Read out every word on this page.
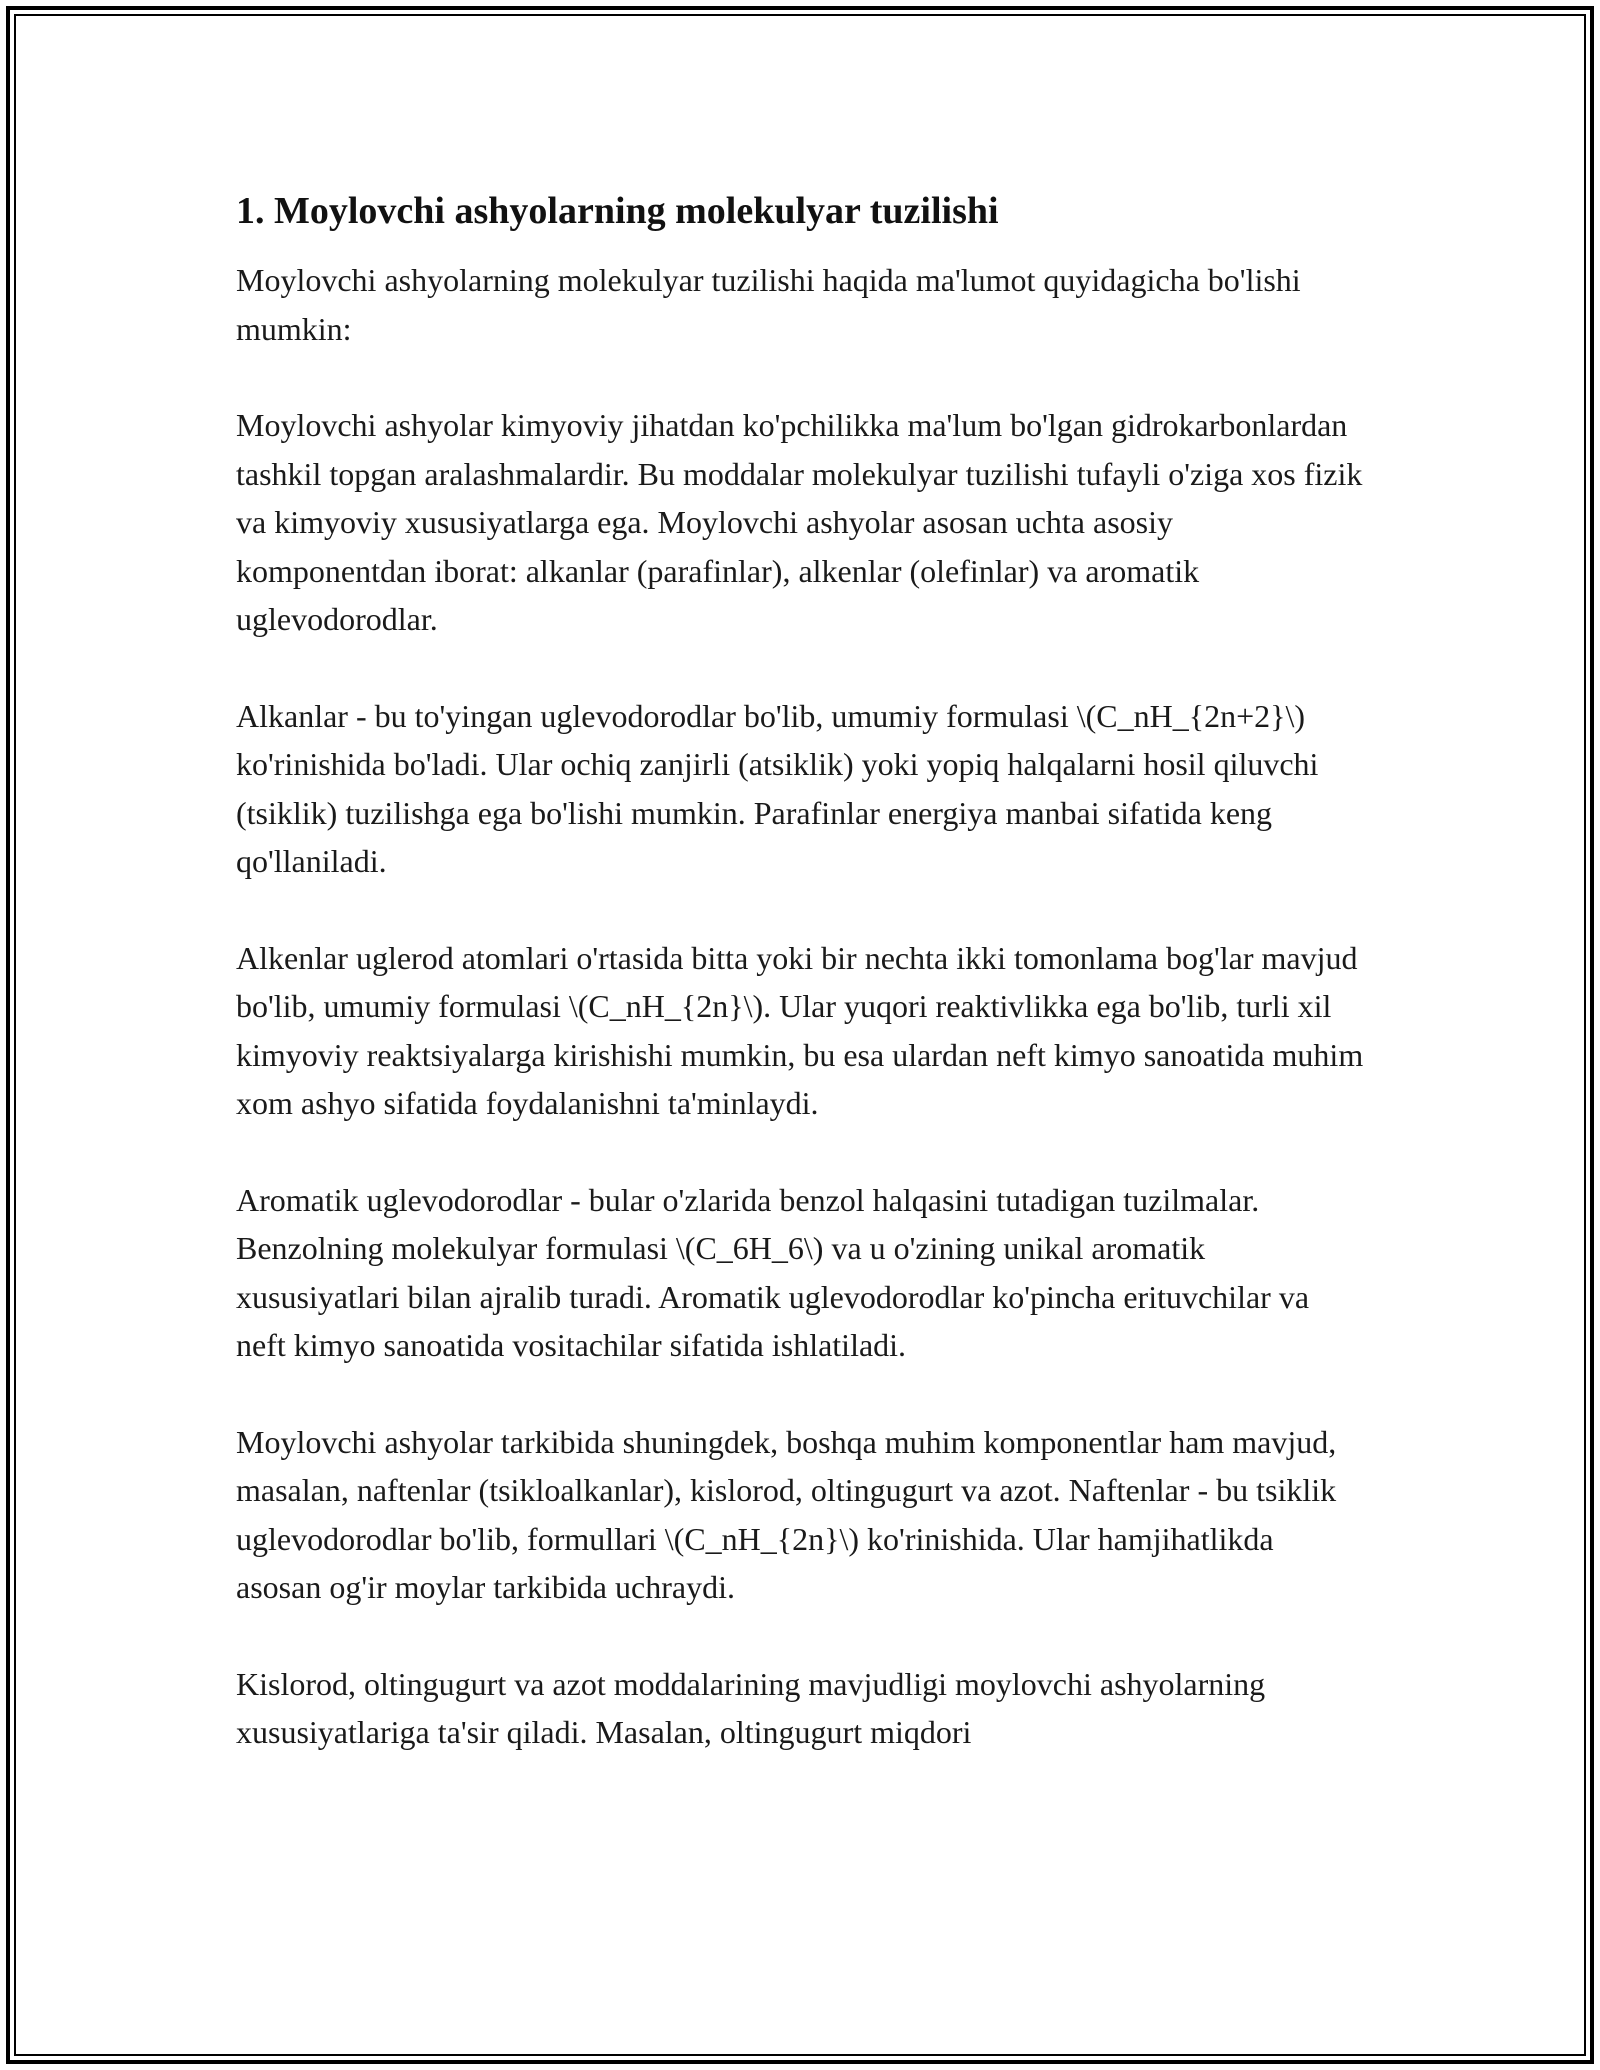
1. Moylovchi ashyolarning molekulyar tuzilishi

Moylovchi ashyolarning molekulyar tuzilishi haqida ma'lumot quyidagicha bo'lishi mumkin:

Moylovchi ashyolar kimyoviy jihatdan ko'pchilikka ma'lum bo'lgan gidrokarbonlardan tashkil topgan aralashmalardir. Bu moddalar molekulyar tuzilishi tufayli o'ziga xos fizik va kimyoviy xususiyatlarga ega. Moylovchi ashyolar asosan uchta asosiy komponentdan iborat: alkanlar (parafinlar), alkenlar (olefinlar) va aromatik uglevodorodlar.

Alkanlar - bu to'yingan uglevodorodlar bo'lib, umumiy formulasi \(C_nH_{2n+2}\) ko'rinishida bo'ladi. Ular ochiq zanjirli (atsiklik) yoki yopiq halqalarni hosil qiluvchi (tsiklik) tuzilishga ega bo'lishi mumkin. Parafinlar energiya manbai sifatida keng qo'llaniladi.

Alkenlar uglerod atomlari o'rtasida bitta yoki bir nechta ikki tomonlama bog'lar mavjud bo'lib, umumiy formulasi \(C_nH_{2n}\). Ular yuqori reaktivlikka ega bo'lib, turli xil kimyoviy reaktsiyalarga kirishishi mumkin, bu esa ulardan neft kimyo sanoatida muhim xom ashyo sifatida foydalanishni ta'minlaydi.

Aromatik uglevodorodlar - bular o'zlarida benzol halqasini tutadigan tuzilmalar. Benzolning molekulyar formulasi \(C_6H_6\) va u o'zining unikal aromatik xususiyatlari bilan ajralib turadi. Aromatik uglevodorodlar ko'pincha erituvchilar va neft kimyo sanoatida vositachilar sifatida ishlatiladi.

Moylovchi ashyolar tarkibida shuningdek, boshqa muhim komponentlar ham mavjud, masalan, naftenlar (tsikloalkanlar), kislorod, oltingugurt va azot. Naftenlar - bu tsiklik uglevodorodlar bo'lib, formullari \(C_nH_{2n}\) ko'rinishida. Ular hamjihatlikda asosan og'ir moylar tarkibida uchraydi.

Kislorod, oltingugurt va azot moddalarining mavjudligi moylovchi ashyolarning xususiyatlariga ta'sir qiladi. Masalan, oltingugurt miqdori
